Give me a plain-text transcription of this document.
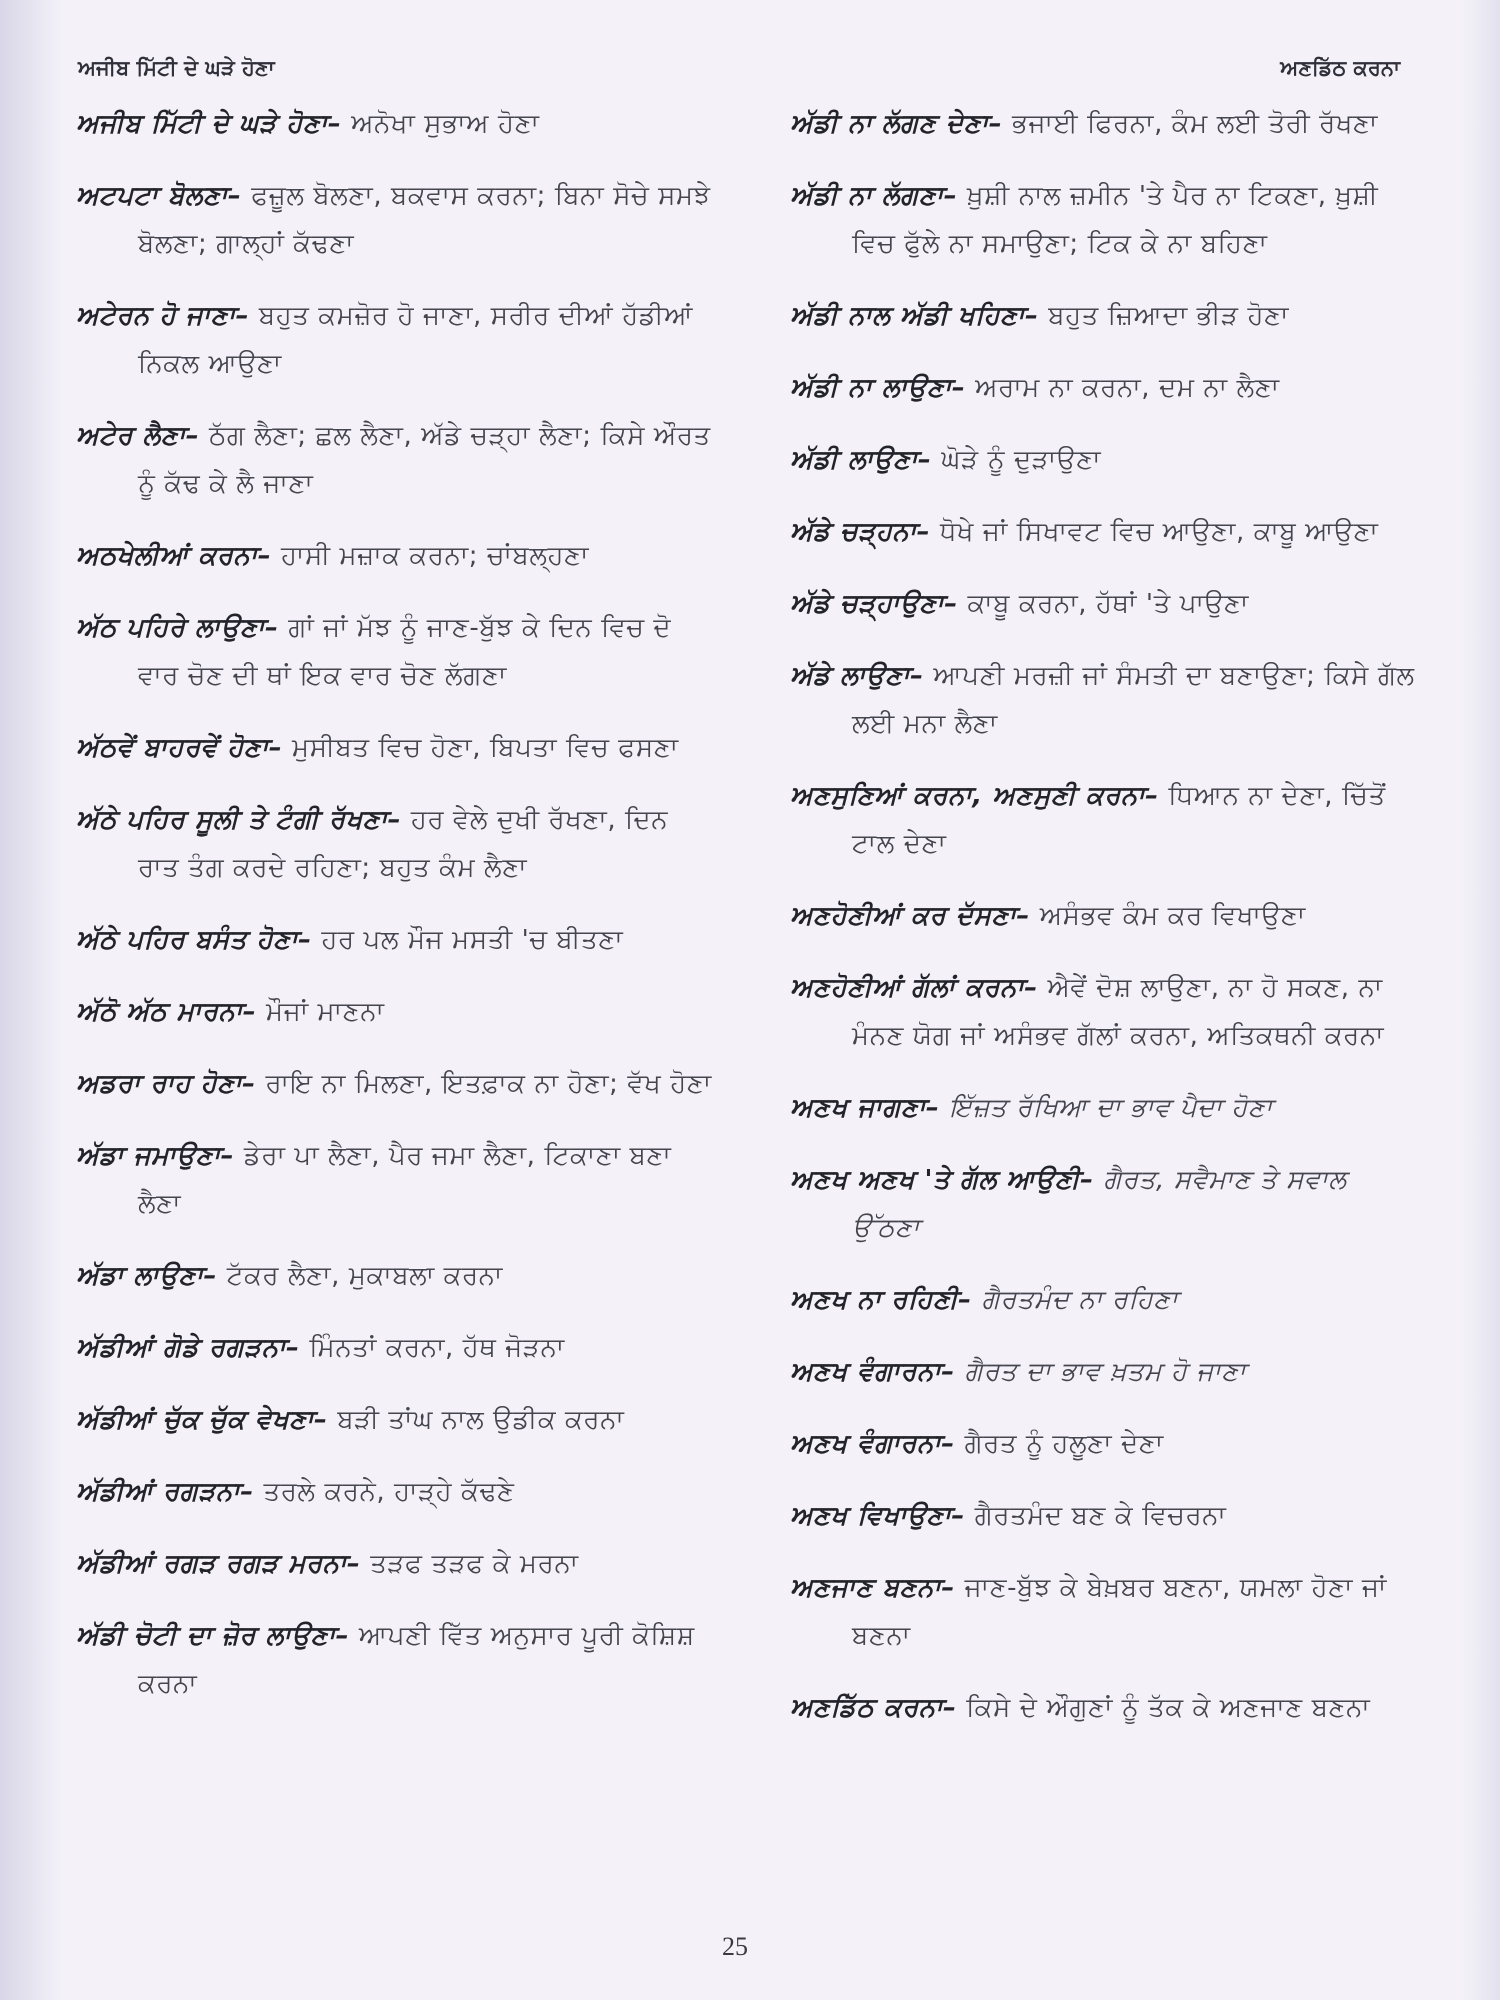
ਅਜੀਬ ਮਿੱਟੀ ਦੇ ਘੜੇ ਹੋਣਾ	ਅਣਡਿੱਠ ਕਰਨਾ

ਅਜੀਬ ਮਿੱਟੀ ਦੇ ਘੜੇ ਹੋਣਾ– ਅਨੋਖਾ ਸੁਭਾਅ ਹੋਣਾ

ਅਟਪਟਾ ਬੋਲਣਾ– ਫਜ਼ੂਲ ਬੋਲਣਾ, ਬਕਵਾਸ ਕਰਨਾ; ਬਿਨਾ ਸੋਚੇ ਸਮਝੇ ਬੋਲਣਾ; ਗਾਲ੍ਹਾਂ ਕੱਢਣਾ

ਅਟੇਰਨ ਹੋ ਜਾਣਾ– ਬਹੁਤ ਕਮਜ਼ੋਰ ਹੋ ਜਾਣਾ, ਸਰੀਰ ਦੀਆਂ ਹੱਡੀਆਂ ਨਿਕਲ ਆਉਣਾ

ਅਟੇਰ ਲੈਣਾ– ਠੱਗ ਲੈਣਾ; ਛਲ ਲੈਣਾ, ਅੱਡੇ ਚੜ੍ਹਾ ਲੈਣਾ; ਕਿਸੇ ਔਰਤ ਨੂੰ ਕੱਢ ਕੇ ਲੈ ਜਾਣਾ

ਅਠਖੇਲੀਆਂ ਕਰਨਾ– ਹਾਸੀ ਮਜ਼ਾਕ ਕਰਨਾ; ਚਾਂਬਲ੍ਹਣਾ

ਅੱਠ ਪਹਿਰੇ ਲਾਉਣਾ– ਗਾਂ ਜਾਂ ਮੱਝ ਨੂੰ ਜਾਣ-ਬੁੱਝ ਕੇ ਦਿਨ ਵਿਚ ਦੋ ਵਾਰ ਚੋਣ ਦੀ ਥਾਂ ਇਕ ਵਾਰ ਚੋਣ ਲੱਗਣਾ

ਅੱਠਵੇਂ ਬਾਹਰਵੇਂ ਹੋਣਾ– ਮੁਸੀਬਤ ਵਿਚ ਹੋਣਾ, ਬਿਪਤਾ ਵਿਚ ਫਸਣਾ

ਅੱਠੇ ਪਹਿਰ ਸੂਲੀ ਤੇ ਟੰਗੀ ਰੱਖਣਾ– ਹਰ ਵੇਲੇ ਦੁਖੀ ਰੱਖਣਾ, ਦਿਨ ਰਾਤ ਤੰਗ ਕਰਦੇ ਰਹਿਣਾ; ਬਹੁਤ ਕੰਮ ਲੈਣਾ

ਅੱਠੇ ਪਹਿਰ ਬਸੰਤ ਹੋਣਾ– ਹਰ ਪਲ ਮੌਜ ਮਸਤੀ 'ਚ ਬੀਤਣਾ

ਅੱਠੋ ਅੱਠ ਮਾਰਨਾ– ਮੌਜਾਂ ਮਾਣਨਾ

ਅਡਰਾ ਰਾਹ ਹੋਣਾ– ਰਾਇ ਨਾ ਮਿਲਣਾ, ਇਤਫ਼ਾਕ ਨਾ ਹੋਣਾ; ਵੱਖ ਹੋਣਾ

ਅੱਡਾ ਜਮਾਉਣਾ– ਡੇਰਾ ਪਾ ਲੈਣਾ, ਪੈਰ ਜਮਾ ਲੈਣਾ, ਟਿਕਾਣਾ ਬਣਾ ਲੈਣਾ

ਅੱਡਾ ਲਾਉਣਾ– ਟੱਕਰ ਲੈਣਾ, ਮੁਕਾਬਲਾ ਕਰਨਾ

ਅੱਡੀਆਂ ਗੋਡੇ ਰਗੜਨਾ– ਮਿੰਨਤਾਂ ਕਰਨਾ, ਹੱਥ ਜੋੜਨਾ

ਅੱਡੀਆਂ ਚੁੱਕ ਚੁੱਕ ਵੇਖਣਾ– ਬੜੀ ਤਾਂਘ ਨਾਲ ਉਡੀਕ ਕਰਨਾ

ਅੱਡੀਆਂ ਰਗੜਨਾ– ਤਰਲੇ ਕਰਨੇ, ਹਾੜ੍ਹੇ ਕੱਢਣੇ

ਅੱਡੀਆਂ ਰਗੜ ਰਗੜ ਮਰਨਾ– ਤੜਫ ਤੜਫ ਕੇ ਮਰਨਾ

ਅੱਡੀ ਚੋਟੀ ਦਾ ਜ਼ੋਰ ਲਾਉਣਾ– ਆਪਣੀ ਵਿੱਤ ਅਨੁਸਾਰ ਪੂਰੀ ਕੋਸ਼ਿਸ਼ ਕਰਨਾ

ਅੱਡੀ ਨਾ ਲੱਗਣ ਦੇਣਾ– ਭਜਾਈ ਫਿਰਨਾ, ਕੰਮ ਲਈ ਤੋਰੀ ਰੱਖਣਾ

ਅੱਡੀ ਨਾ ਲੱਗਣਾ– ਖ਼ੁਸ਼ੀ ਨਾਲ ਜ਼ਮੀਨ 'ਤੇ ਪੈਰ ਨਾ ਟਿਕਣਾ, ਖ਼ੁਸ਼ੀ ਵਿਚ ਫੁੱਲੇ ਨਾ ਸਮਾਉਣਾ; ਟਿਕ ਕੇ ਨਾ ਬਹਿਣਾ

ਅੱਡੀ ਨਾਲ ਅੱਡੀ ਖਹਿਣਾ– ਬਹੁਤ ਜ਼ਿਆਦਾ ਭੀੜ ਹੋਣਾ

ਅੱਡੀ ਨਾ ਲਾਉਣਾ– ਅਰਾਮ ਨਾ ਕਰਨਾ, ਦਮ ਨਾ ਲੈਣਾ

ਅੱਡੀ ਲਾਉਣਾ– ਘੋੜੇ ਨੂੰ ਦੁੜਾਉਣਾ

ਅੱਡੇ ਚੜ੍ਹਨਾ– ਧੋਖੇ ਜਾਂ ਸਿਖਾਵਟ ਵਿਚ ਆਉਣਾ, ਕਾਬੂ ਆਉਣਾ

ਅੱਡੇ ਚੜ੍ਹਾਉਣਾ– ਕਾਬੂ ਕਰਨਾ, ਹੱਥਾਂ 'ਤੇ ਪਾਉਣਾ

ਅੱਡੇ ਲਾਉਣਾ– ਆਪਣੀ ਮਰਜ਼ੀ ਜਾਂ ਸੰਮਤੀ ਦਾ ਬਣਾਉਣਾ; ਕਿਸੇ ਗੱਲ ਲਈ ਮਨਾ ਲੈਣਾ

ਅਣਸੁਣਿਆਂ ਕਰਨਾ, ਅਣਸੁਣੀ ਕਰਨਾ– ਧਿਆਨ ਨਾ ਦੇਣਾ, ਚਿੱਤੋਂ ਟਾਲ ਦੇਣਾ

ਅਣਹੋਣੀਆਂ ਕਰ ਦੱਸਣਾ– ਅਸੰਭਵ ਕੰਮ ਕਰ ਵਿਖਾਉਣਾ

ਅਣਹੋਣੀਆਂ ਗੱਲਾਂ ਕਰਨਾ– ਐਵੇਂ ਦੋਸ਼ ਲਾਉਣਾ, ਨਾ ਹੋ ਸਕਣ, ਨਾ ਮੰਨਣ ਯੋਗ ਜਾਂ ਅਸੰਭਵ ਗੱਲਾਂ ਕਰਨਾ, ਅਤਿਕਥਨੀ ਕਰਨਾ

ਅਣਖ ਜਾਗਣਾ– ਇੱਜ਼ਤ ਰੱਖਿਆ ਦਾ ਭਾਵ ਪੈਦਾ ਹੋਣਾ

ਅਣਖ ਅਣਖ 'ਤੇ ਗੱਲ ਆਉਣੀ– ਗੈਰਤ, ਸਵੈਮਾਣ ਤੇ ਸਵਾਲ ਉੱਠਣਾ

ਅਣਖ ਨਾ ਰਹਿਣੀ– ਗੈਰਤਮੰਦ ਨਾ ਰਹਿਣਾ

ਅਣਖ ਵੰਗਾਰਨਾ– ਗੈਰਤ ਦਾ ਭਾਵ ਖ਼ਤਮ ਹੋ ਜਾਣਾ

ਅਣਖ ਵੰਗਾਰਨਾ– ਗੈਰਤ ਨੂੰ ਹਲੂਣਾ ਦੇਣਾ

ਅਣਖ ਵਿਖਾਉਣਾ– ਗੈਰਤਮੰਦ ਬਣ ਕੇ ਵਿਚਰਨਾ

ਅਣਜਾਣ ਬਣਨਾ– ਜਾਣ-ਬੁੱਝ ਕੇ ਬੇਖ਼ਬਰ ਬਣਨਾ, ਯਮਲਾ ਹੋਣਾ ਜਾਂ ਬਣਨਾ

ਅਣਡਿੱਠ ਕਰਨਾ– ਕਿਸੇ ਦੇ ਔਗੁਣਾਂ ਨੂੰ ਤੱਕ ਕੇ ਅਣਜਾਣ ਬਣਨਾ

25
